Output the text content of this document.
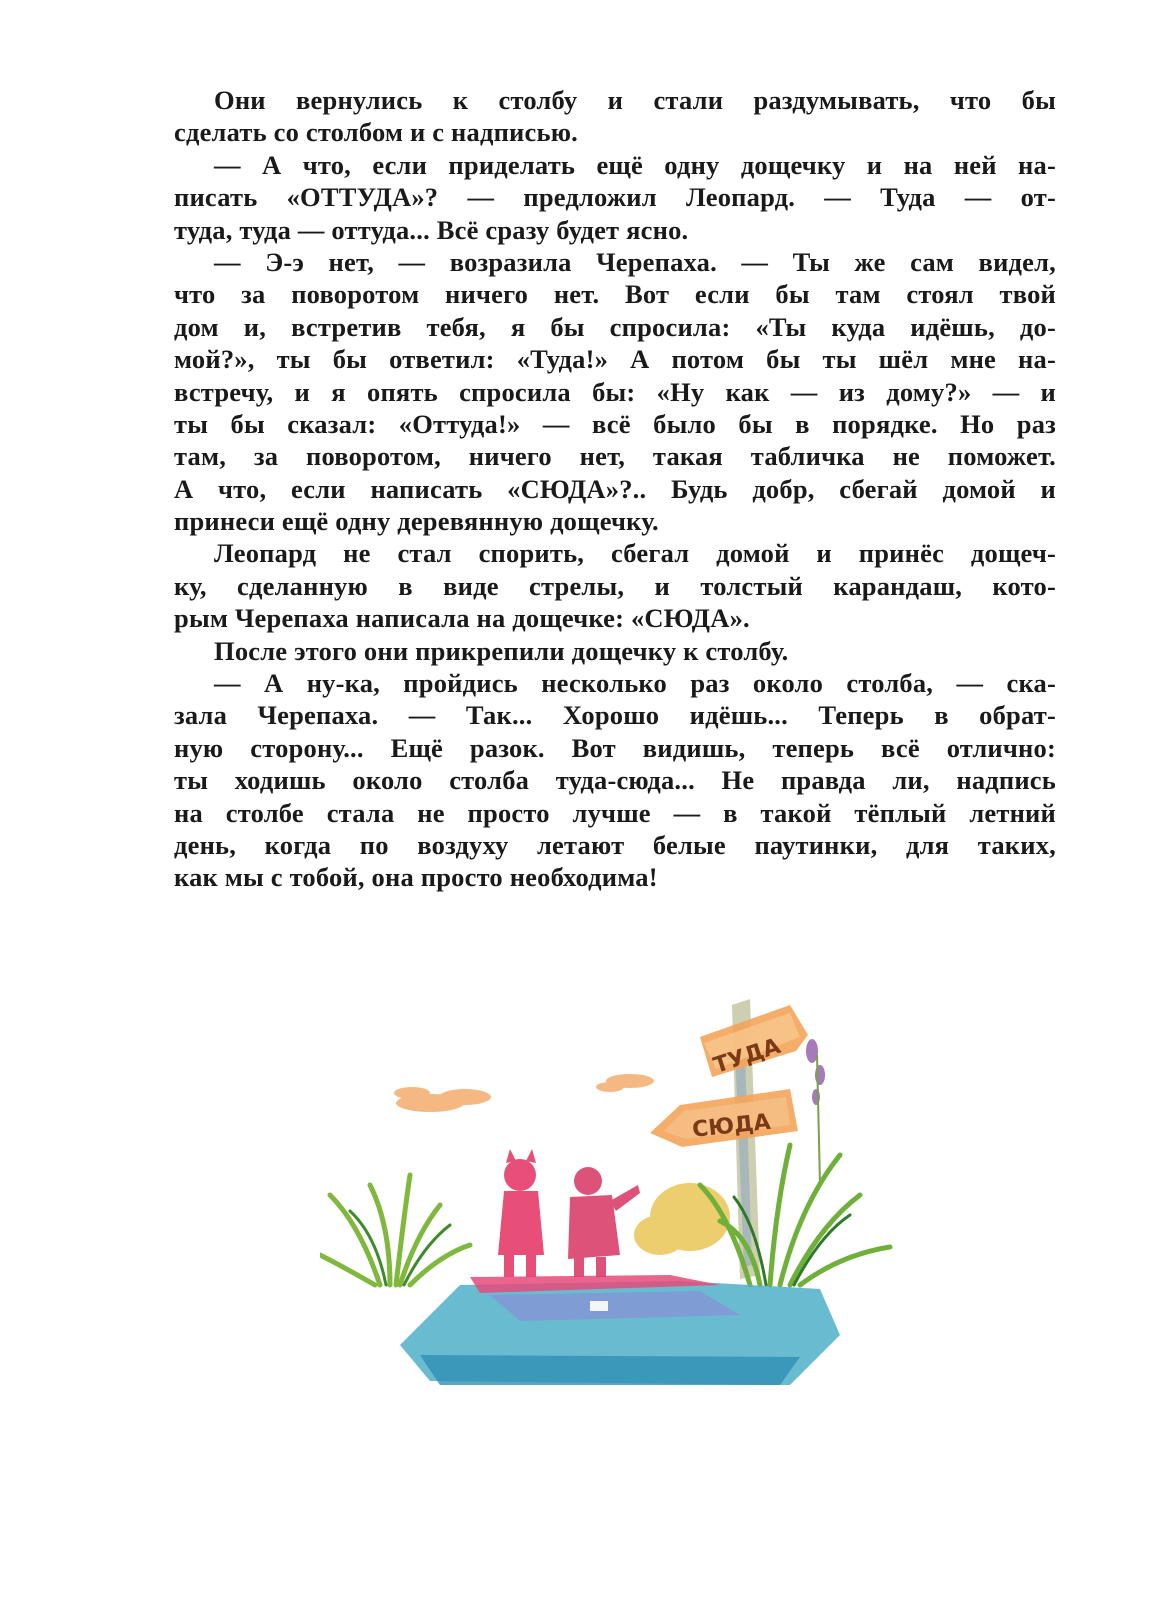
Они вернулись к столбу и стали раздумывать, что бы
сделать со столбом и с надписью.
— А что, если приделать ещё одну дощечку и на ней на-
писать «ОТТУДА»? — предложил Леопард. — Туда — от-
туда, туда — оттуда... Всё сразу будет ясно.
— Э-э нет, — возразила Черепаха. — Ты же сам видел,
что за поворотом ничего нет. Вот если бы там стоял твой
дом и, встретив тебя, я бы спросила: «Ты куда идёшь, до-
мой?», ты бы ответил: «Туда!» А потом бы ты шёл мне на-
встречу, и я опять спросила бы: «Ну как — из дому?» — и
ты бы сказал: «Оттуда!» — всё было бы в порядке. Но раз
там, за поворотом, ничего нет, такая табличка не поможет.
А что, если написать «СЮДА»?.. Будь добр, сбегай домой и
принеси ещё одну деревянную дощечку.
Леопард не стал спорить, сбегал домой и принёс дощеч-
ку, сделанную в виде стрелы, и толстый карандаш, кото-
рым Черепаха написала на дощечке: «СЮДА».
После этого они прикрепили дощечку к столбу.
— А ну-ка, пройдись несколько раз около столба, — ска-
зала Черепаха. — Так... Хорошо идёшь... Теперь в обрат-
ную сторону... Ещё разок. Вот видишь, теперь всё отлично:
ты ходишь около столба туда-сюда... Не правда ли, надпись
на столбе стала не просто лучше — в такой тёплый летний
день, когда по воздуху летают белые паутинки, для таких,
как мы с тобой, она просто необходима!
ТУДА
СЮДА
